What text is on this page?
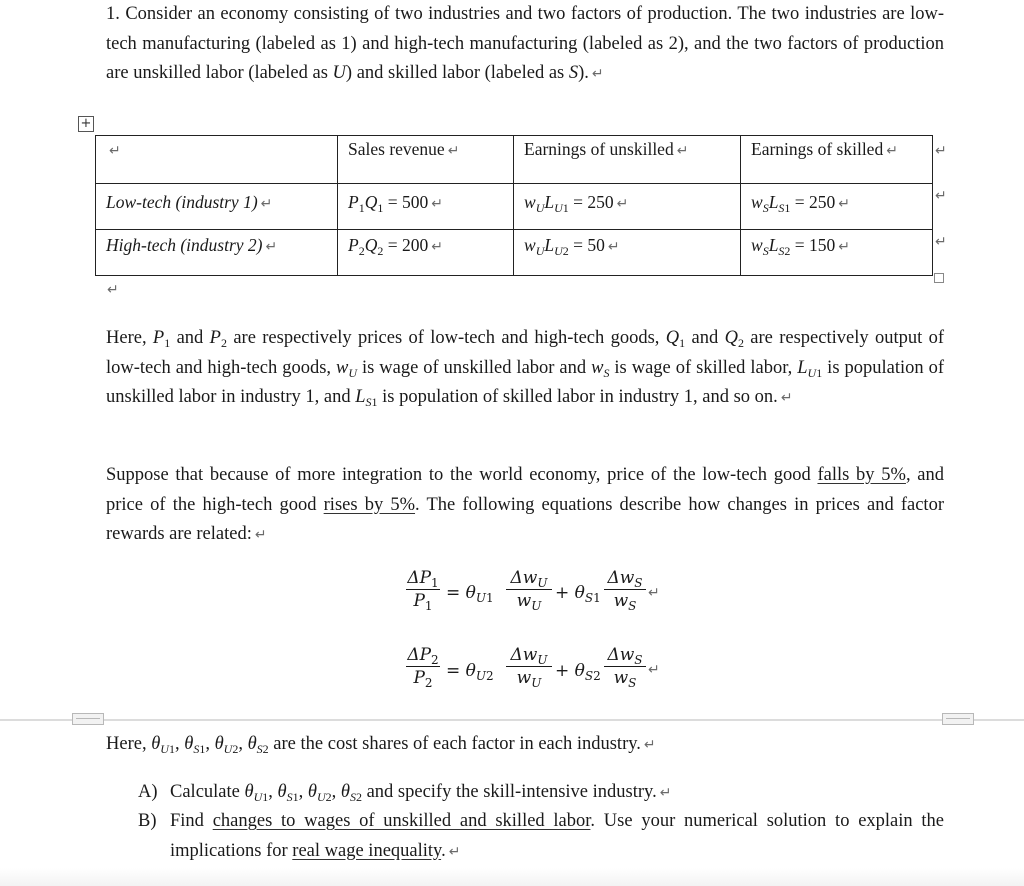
1. Consider an economy consisting of two industries and two factors of production. The two industries are low-tech manufacturing (labeled as 1) and high-tech manufacturing (labeled as 2), and the two factors of production are unskilled labor (labeled as U) and skilled labor (labeled as S). ↵
+
↵	Sales revenue ↵	Earnings of unskilled ↵	Earnings of skilled ↵
Low-tech (industry 1) ↵	$P_1Q_1 = 500$ ↵	$w_UL_{U1} = 250$ ↵	$w_SL_{S1} = 250$ ↵
High-tech (industry 2) ↵	$P_2Q_2 = 200$ ↵	$w_UL_{U2} = 50$ ↵	$w_SL_{S2} = 150$ ↵
↵
↵
↵
↵
Here, $P_1$ and $P_2$ are respectively prices of low-tech and high-tech goods, $Q_1$ and $Q_2$ are respectively output of low-tech and high-tech goods, $w_U$ is wage of unskilled labor and $w_S$ is wage of skilled labor, $L_{U1}$ is population of unskilled labor in industry 1, and $L_{S1}$ is population of skilled labor in industry 1, and so on. ↵
Suppose that because of more integration to the world economy, price of the low-tech good falls by 5%, and price of the high-tech good rises by 5%. The following equations describe how changes in prices and factor rewards are related: ↵
$\Delta P_1$
$P_1$
= $\theta_{U1}$
$\Delta w_U$
$w_U$
+ $\theta_{S1}$
$\Delta w_S$
$w_S$
↵
$\Delta P_2$
$P_2$
= $\theta_{U2}$
$\Delta w_U$
$w_U$
+ $\theta_{S2}$
$\Delta w_S$
$w_S$
↵
Here, $\theta_{U1}$, $\theta_{S1}$, $\theta_{U2}$, $\theta_{S2}$ are the cost shares of each factor in each industry. ↵
A) Calculate $\theta_{U1}$, $\theta_{S1}$, $\theta_{U2}$, $\theta_{S2}$ and specify the skill-intensive industry. ↵
B) Find changes to wages of unskilled and skilled labor. Use your numerical solution to explain the implications for real wage inequality. ↵
